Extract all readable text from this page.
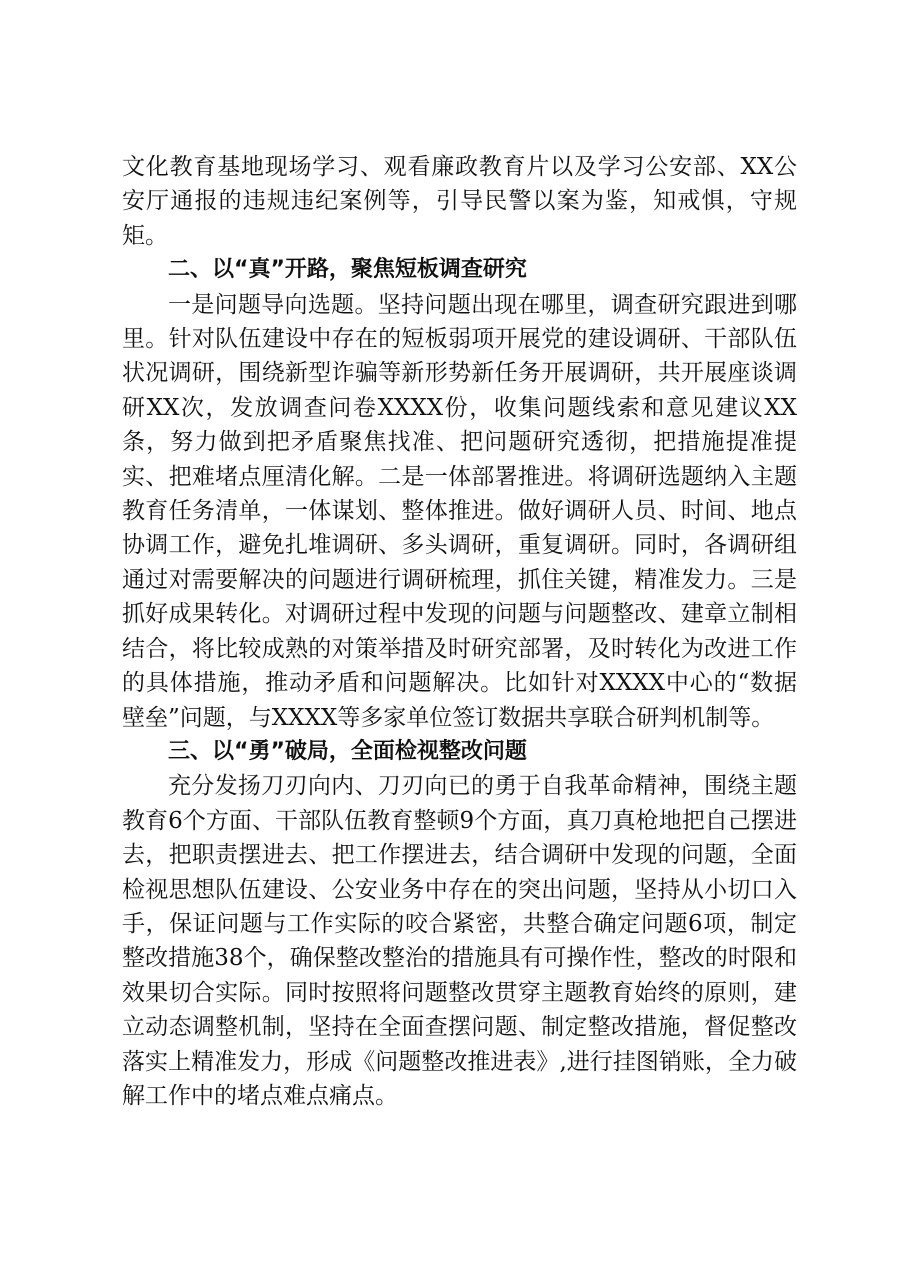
文化教育基地现场学习、观看廉政教育片以及学习公安部、XX公安厅通报的违规违纪案例等，引导民警以案为鉴，知戒惧，守规矩。

二、以“真”开路，聚焦短板调查研究

一是问题导向选题。坚持问题出现在哪里，调查研究跟进到哪里。针对队伍建设中存在的短板弱项开展党的建设调研、干部队伍状况调研，围绕新型诈骗等新形势新任务开展调研，共开展座谈调研XX次，发放调查问卷XXXX份，收集问题线索和意见建议XX条，努力做到把矛盾聚焦找准、把问题研究透彻，把措施提准提实、把难堵点厘清化解。二是一体部署推进。将调研选题纳入主题教育任务清单，一体谋划、整体推进。做好调研人员、时间、地点协调工作，避免扎堆调研、多头调研，重复调研。同时，各调研组通过对需要解决的问题进行调研梳理，抓住关键，精准发力。三是抓好成果转化。对调研过程中发现的问题与问题整改、建章立制相结合，将比较成熟的对策举措及时研究部署，及时转化为改进工作的具体措施，推动矛盾和问题解决。比如针对XXXX中心的“数据壁垒”问题，与XXXX等多家单位签订数据共享联合研判机制等。

三、以“勇”破局，全面检视整改问题

充分发扬刀刃向内、刀刃向已的勇于自我革命精神，围绕主题教育6个方面、干部队伍教育整顿9个方面，真刀真枪地把自己摆进去，把职责摆进去、把工作摆进去，结合调研中发现的问题，全面检视思想队伍建设、公安业务中存在的突出问题，坚持从小切口入手，保证问题与工作实际的咬合紧密，共整合确定问题6项，制定整改措施38个，确保整改整治的措施具有可操作性，整改的时限和效果切合实际。同时按照将问题整改贯穿主题教育始终的原则，建立动态调整机制，坚持在全面查摆问题、制定整改措施，督促整改落实上精准发力，形成《问题整改推进表》,进行挂图销账，全力破解工作中的堵点难点痛点。
